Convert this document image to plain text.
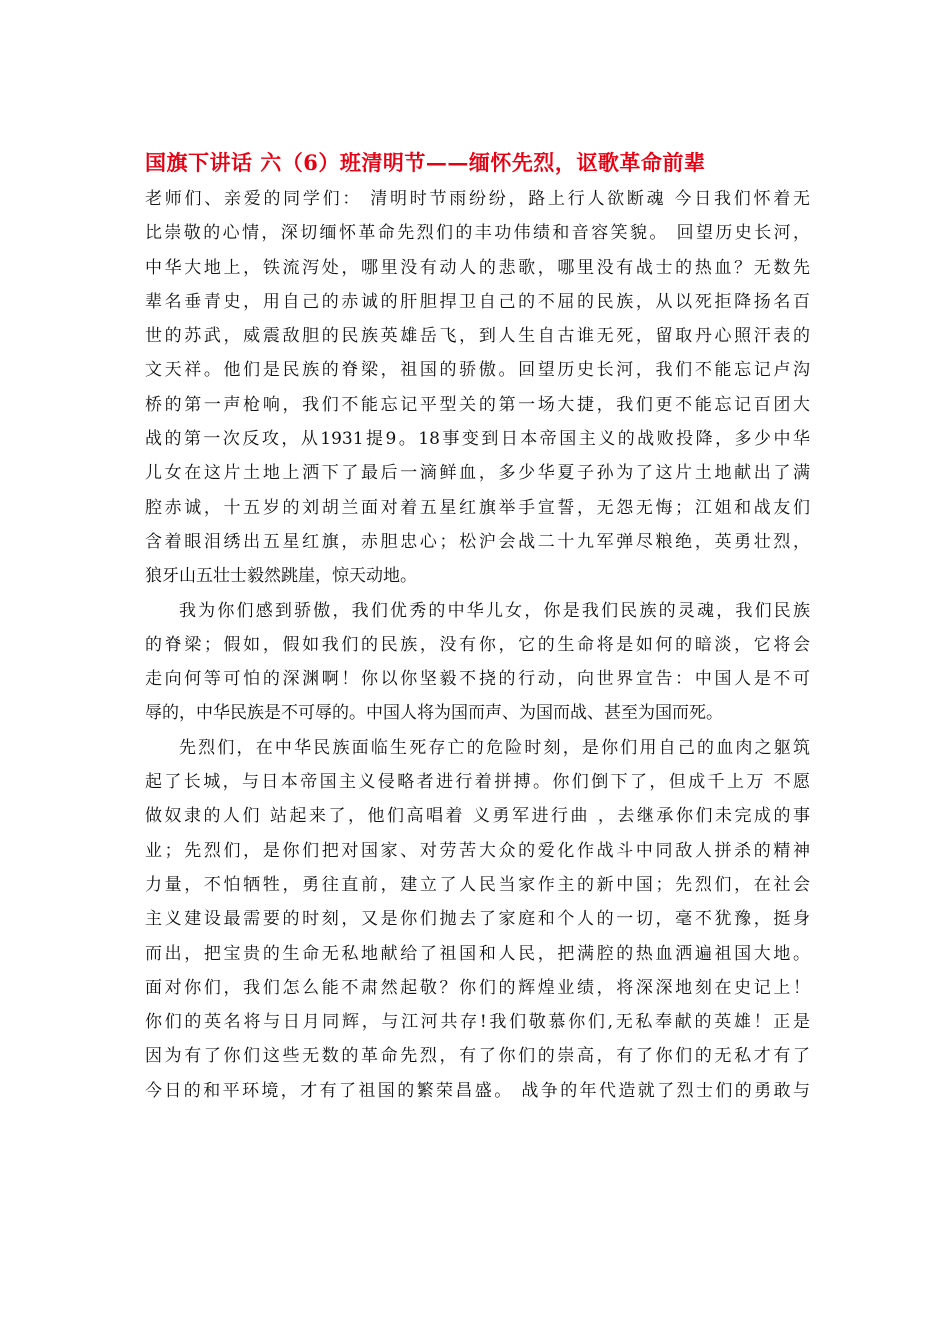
国旗下讲话 六（6）班清明节——缅怀先烈，讴歌革命前辈
老师们、亲爱的同学们： 清明时节雨纷纷，路上行人欲断魂 今日我们怀着无
比崇敬的心情，深切缅怀革命先烈们的丰功伟绩和音容笑貌。 回望历史长河，
中华大地上，铁流泻处，哪里没有动人的悲歌，哪里没有战士的热血？无数先
辈名垂青史，用自己的赤诚的肝胆捍卫自己的不屈的民族，从以死拒降扬名百
世的苏武，威震敌胆的民族英雄岳飞，到人生自古谁无死，留取丹心照汗表的
文天祥。他们是民族的脊梁，祖国的骄傲。回望历史长河，我们不能忘记卢沟
桥的第一声枪响，我们不能忘记平型关的第一场大捷，我们更不能忘记百团大
战的第一次反攻，从1931提9。18事变到日本帝国主义的战败投降，多少中华
儿女在这片土地上洒下了最后一滴鲜血，多少华夏子孙为了这片土地献出了满
腔赤诚，十五岁的刘胡兰面对着五星红旗举手宣誓，无怨无悔；江姐和战友们
含着眼泪绣出五星红旗，赤胆忠心；松沪会战二十九军弹尽粮绝，英勇壮烈，
狼牙山五壮士毅然跳崖，惊天动地。
我为你们感到骄傲，我们优秀的中华儿女，你是我们民族的灵魂，我们民族
的脊梁；假如，假如我们的民族，没有你，它的生命将是如何的暗淡，它将会
走向何等可怕的深渊啊！你以你坚毅不挠的行动，向世界宣告：中国人是不可
辱的，中华民族是不可辱的。中国人将为国而声、为国而战、甚至为国而死。
先烈们，在中华民族面临生死存亡的危险时刻，是你们用自己的血肉之躯筑
起了长城，与日本帝国主义侵略者进行着拼搏。你们倒下了，但成千上万 不愿
做奴隶的人们 站起来了，他们高唱着 义勇军进行曲 ，去继承你们未完成的事
业；先烈们，是你们把对国家、对劳苦大众的爱化作战斗中同敌人拼杀的精神
力量，不怕牺牲，勇往直前，建立了人民当家作主的新中国；先烈们，在社会
主义建设最需要的时刻，又是你们抛去了家庭和个人的一切，毫不犹豫，挺身
而出，把宝贵的生命无私地献给了祖国和人民，把满腔的热血洒遍祖国大地。
面对你们，我们怎么能不肃然起敬？你们的辉煌业绩，将深深地刻在史记上！
你们的英名将与日月同辉，与江河共存!我们敬慕你们,无私奉献的英雄！正是
因为有了你们这些无数的革命先烈，有了你们的崇高，有了你们的无私才有了
今日的和平环境，才有了祖国的繁荣昌盛。 战争的年代造就了烈士们的勇敢与
